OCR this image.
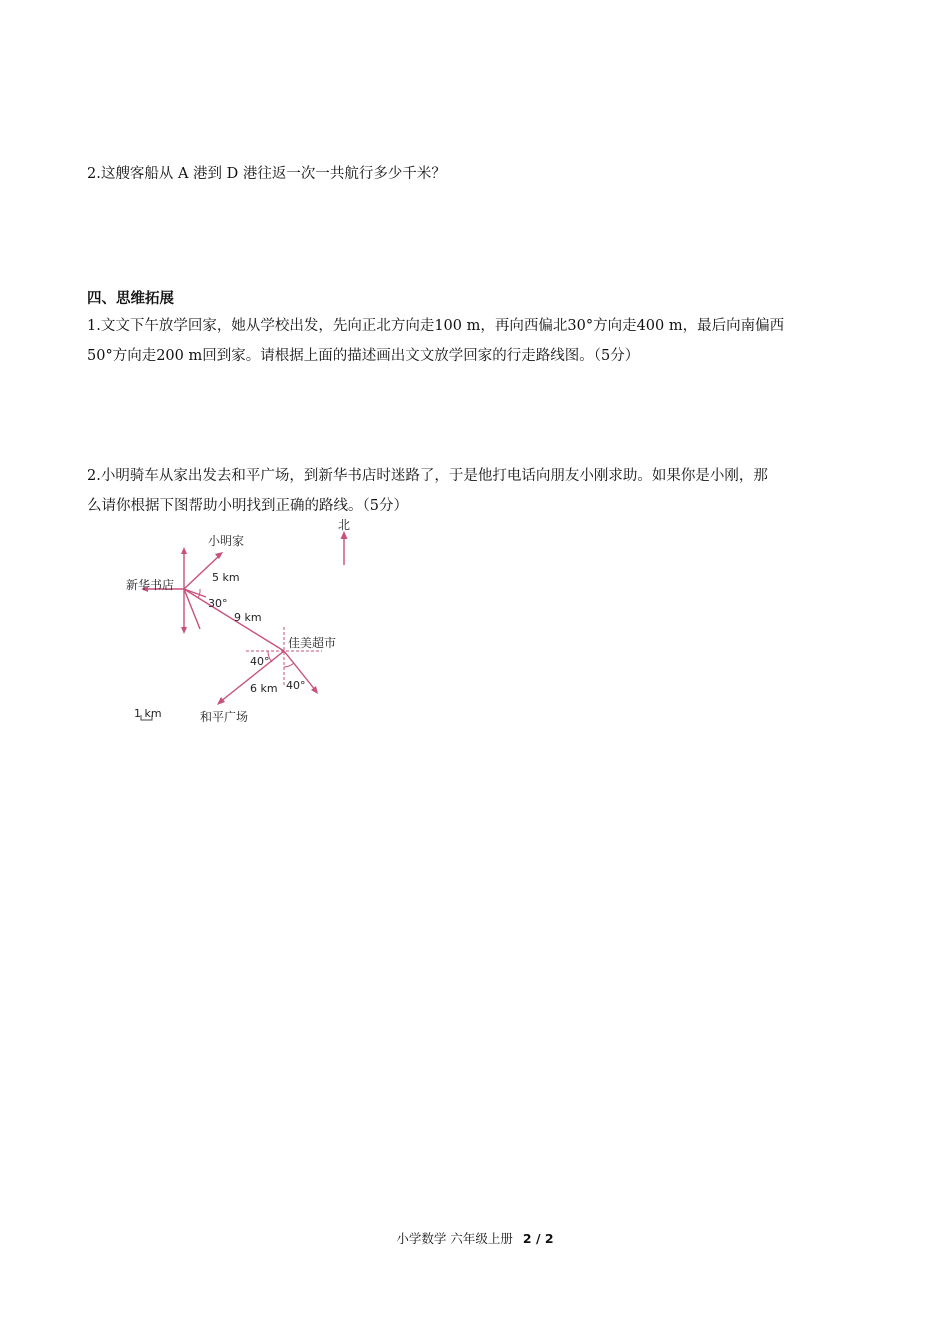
2.这艘客船从 A 港到 D 港往返一次一共航行多少千米？

四、思维拓展

1.文文下午放学回家，她从学校出发，先向正北方向走100 m，再向西偏北30°方向走400 m，最后向南偏西
50°方向走200 m回到家。请根据上面的描述画出文文放学回家的行走路线图。（5分）
2.小明骑车从家出发去和平广场，到新华书店时迷路了，于是他打电话向朋友小刚求助。如果你是小刚，那
么请你根据下图帮助小明找到正确的路线。（5分）
北
小明家
5 km
新华书店
30°
9 km
佳美超市
40°
6 km 40°
1 km	和平广场
小学数学 六年级上册 2 / 2
